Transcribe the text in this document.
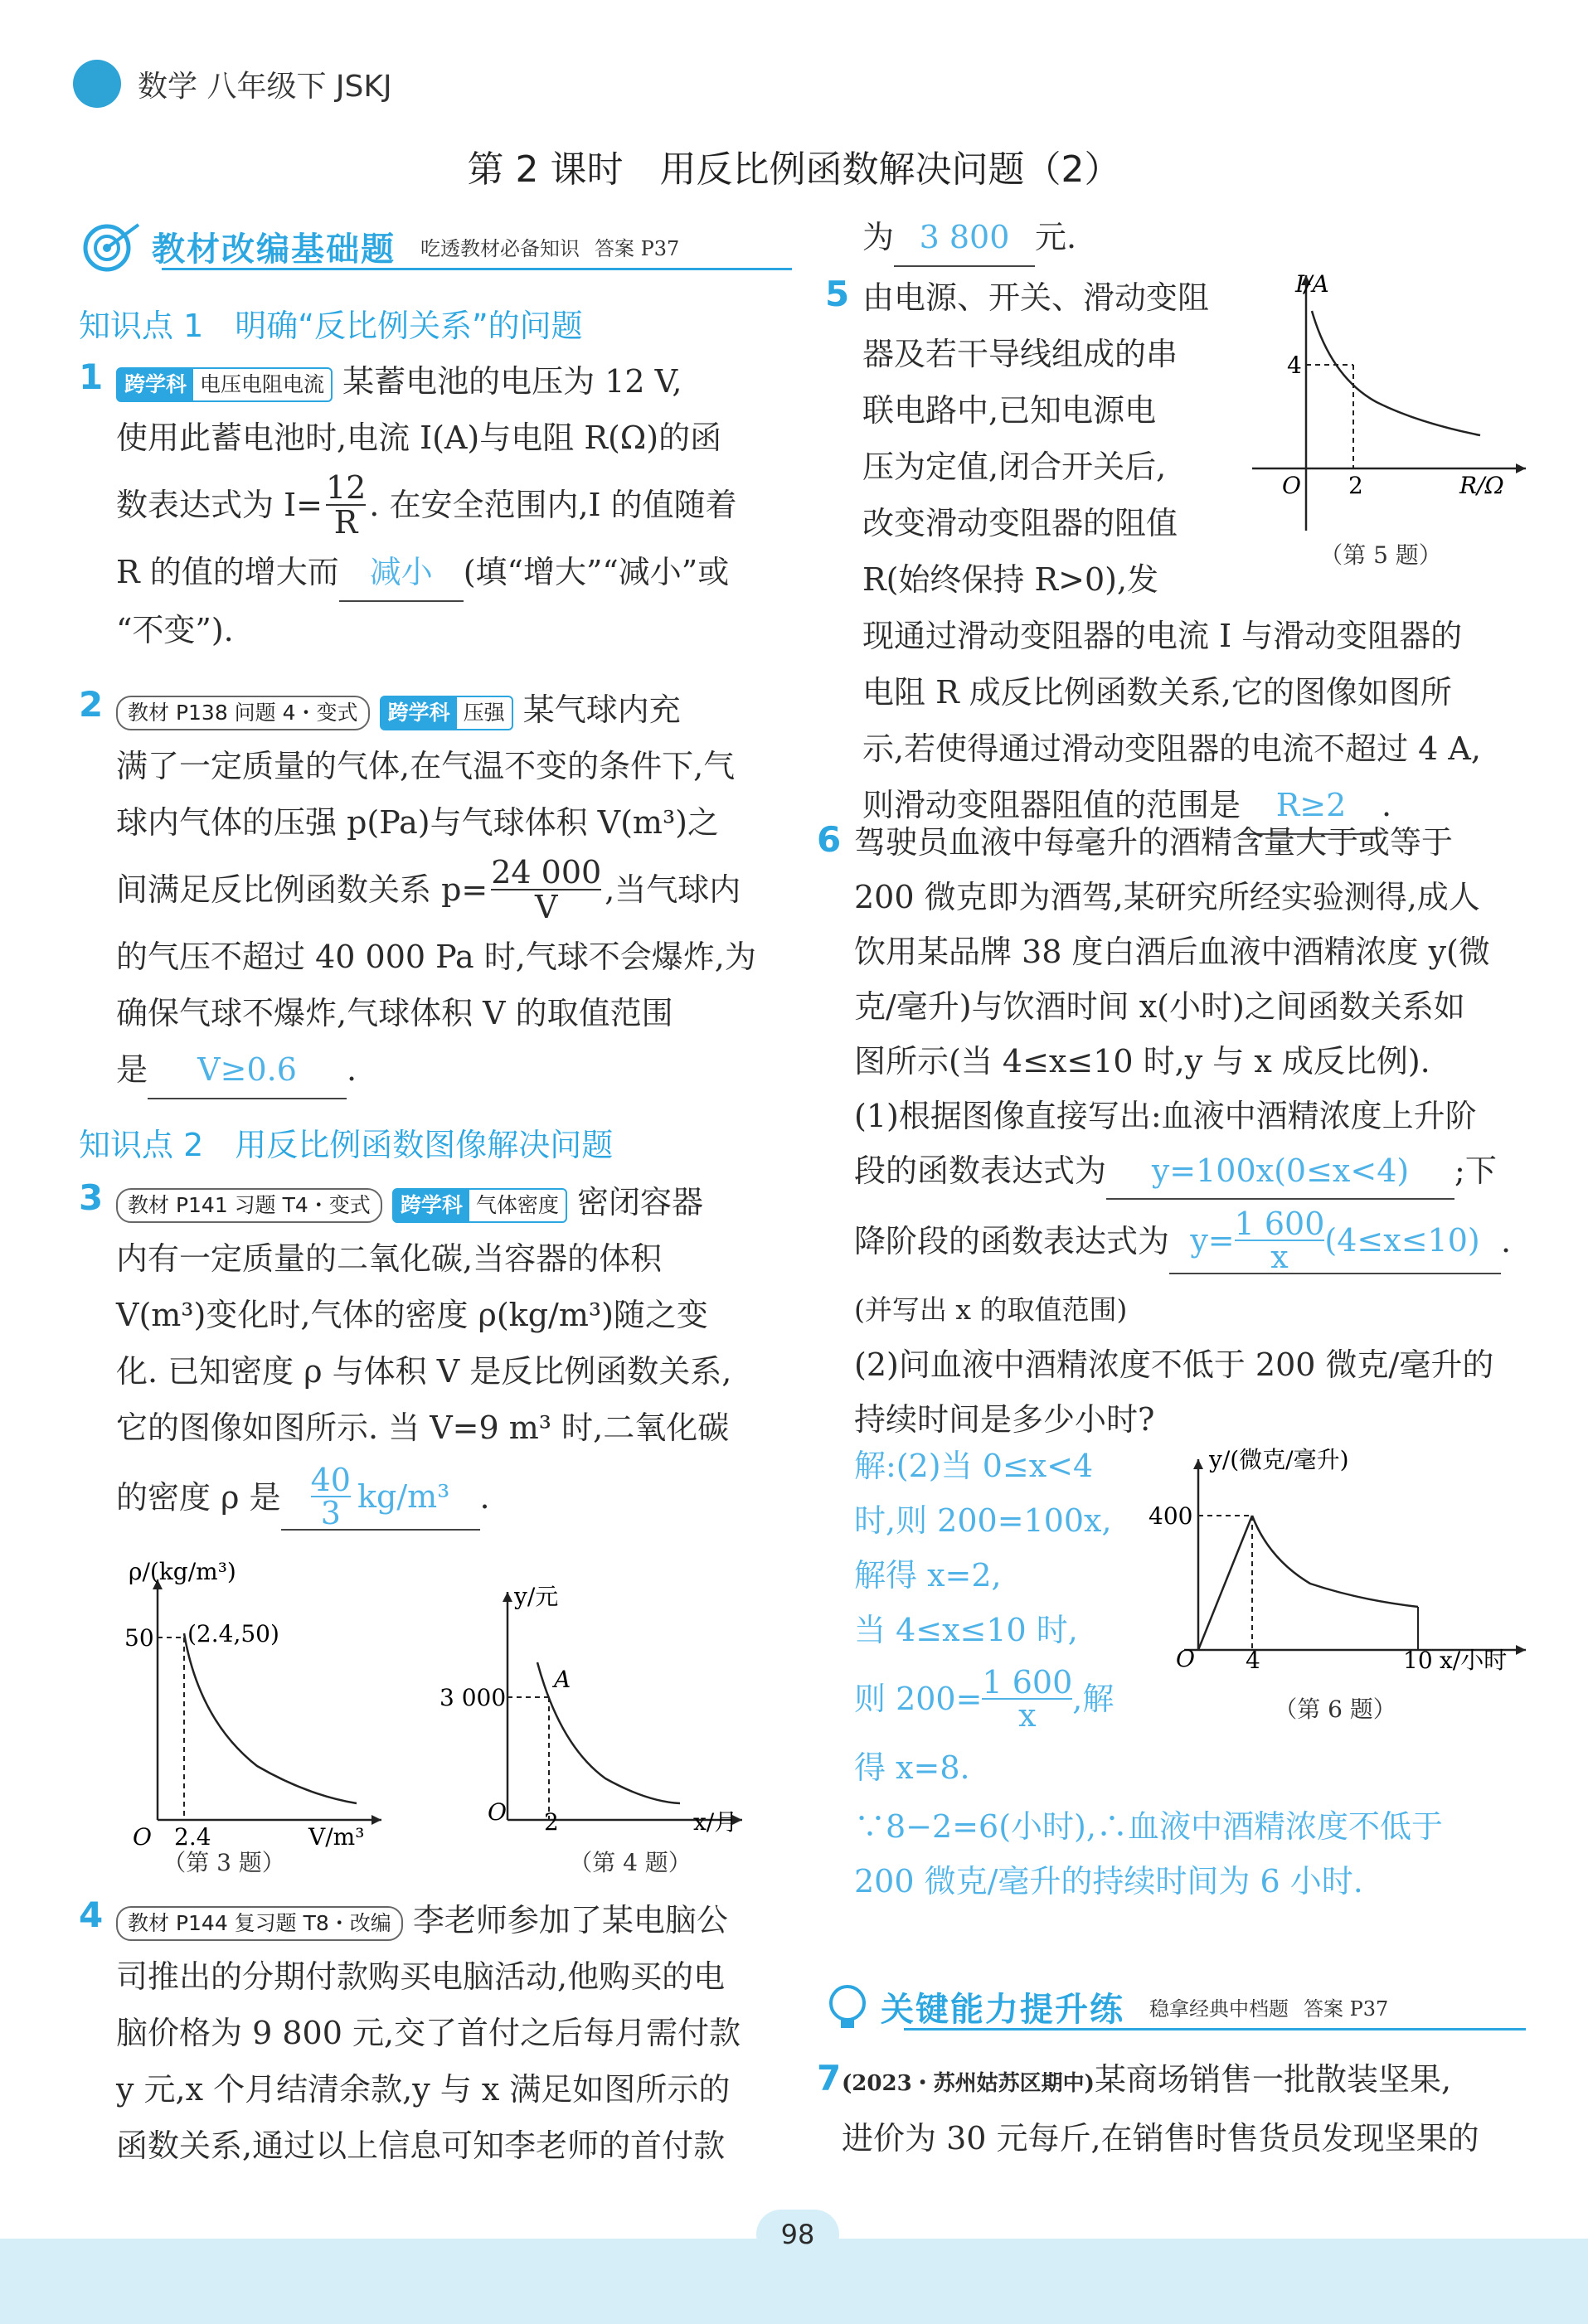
数学 八年级下 JSKJ
第 2 课时　用反比例函数解决问题（2）
教材改编基础题 吃透教材必备知识 答案 P37
知识点 1　明确“反比例关系”的问题
1	跨学科 电压电阻电流 某蓄电池的电压为 12 V,
使用此蓄电池时,电流 I(A)与电阻 R(Ω)的函
数表达式为 $I= \frac{12}{R}$ . 在安全范围内,I 的值随着
R 的值的增大而 减小 (填“增大”“减小”或
“不变”).
2	教材 P138 问题 4・变式 跨学科 压强 某气球内充
满了一定质量的气体,在气温不变的条件下,气
球内气体的压强 p(Pa)与气球体积 V(m³)之
间满足反比例函数关系 $p= \frac{24 000}{V}$ ,当气球内
的气压不超过 40 000 Pa 时,气球不会爆炸,为
确保气球不爆炸,气球体积 V 的取值范围
是 V≥0.6 .
知识点 2　用反比例函数图像解决问题
3	教材 P141 习题 T4・变式 跨学科 气体密度 密闭容器
内有一定质量的二氧化碳,当容器的体积
V(m³)变化时,气体的密度 ρ(kg/m³)随之变
化. 已知密度 ρ 与体积 V 是反比例函数关系,
它的图像如图所示. 当 V=9 m³ 时,二氧化碳
的密度 ρ 是 40
3 kg/m³ .
ρ/(kg/m³)
50 (2.4,50)
O 2.4	V/m³
（第 3 题）
y/元
3 000
A
O 2	x/月
（第 4 题）
4	教材 P144 复习题 T8・改编 李老师参加了某电脑公
司推出的分期付款购买电脑活动,他购买的电
脑价格为 9 800 元,交了首付之后每月需付款
y 元,x 个月结清余款,y 与 x 满足如图所示的
函数关系,通过以上信息可知李老师的首付款
为 3 800 元.
5 由电源、开关、滑动变阻
器及若干导线组成的串
联电路中,已知电源电
压为定值,闭合开关后,
改变滑动变阻器的阻值
R(始终保持 R>0),发
现通过滑动变阻器的电流 I 与滑动变阻器的
电阻 R 成反比例函数关系,它的图像如图所
示,若使得通过滑动变阻器的电流不超过 4 A,
则滑动变阻器阻值的范围是 R≥2 .
I/A
4
O 2	R/Ω
（第 5 题）
6 驾驶员血液中每毫升的酒精含量大于或等于
200 微克即为酒驾,某研究所经实验测得,成人
饮用某品牌 38 度白酒后血液中酒精浓度 y(微
克/毫升)与饮酒时间 x(小时)之间函数关系如
图所示(当 4≤x≤10 时,y 与 x 成反比例).
(1)根据图像直接写出:血液中酒精浓度上升阶
段的函数表达式为 y=100x(0≤x<4) ;下
降阶段的函数表达式为 $y= \frac{1 600}{x} (4\le x\le 10)$ .
(并写出 x 的取值范围)
(2)问血液中酒精浓度不低于 200 微克/毫升的
持续时间是多少小时?
解:(2)当 0≤x<4
时,则 200=100x,
解得 x=2,
当 4≤x≤10 时,
则 $200= \frac{1 600}{x}$ ,解
得 x=8.
∵8−2=6(小时),∴血液中酒精浓度不低于
200 微克/毫升的持续时间为 6 小时.
y/(微克/毫升)
400
O 4	10 x/小时
（第 6 题）
关键能力提升练 稳拿经典中档题 答案 P37
7 (2023・苏州姑苏区期中)某商场销售一批散装坚果,
进价为 30 元每斤,在销售时售货员发现坚果的
98
